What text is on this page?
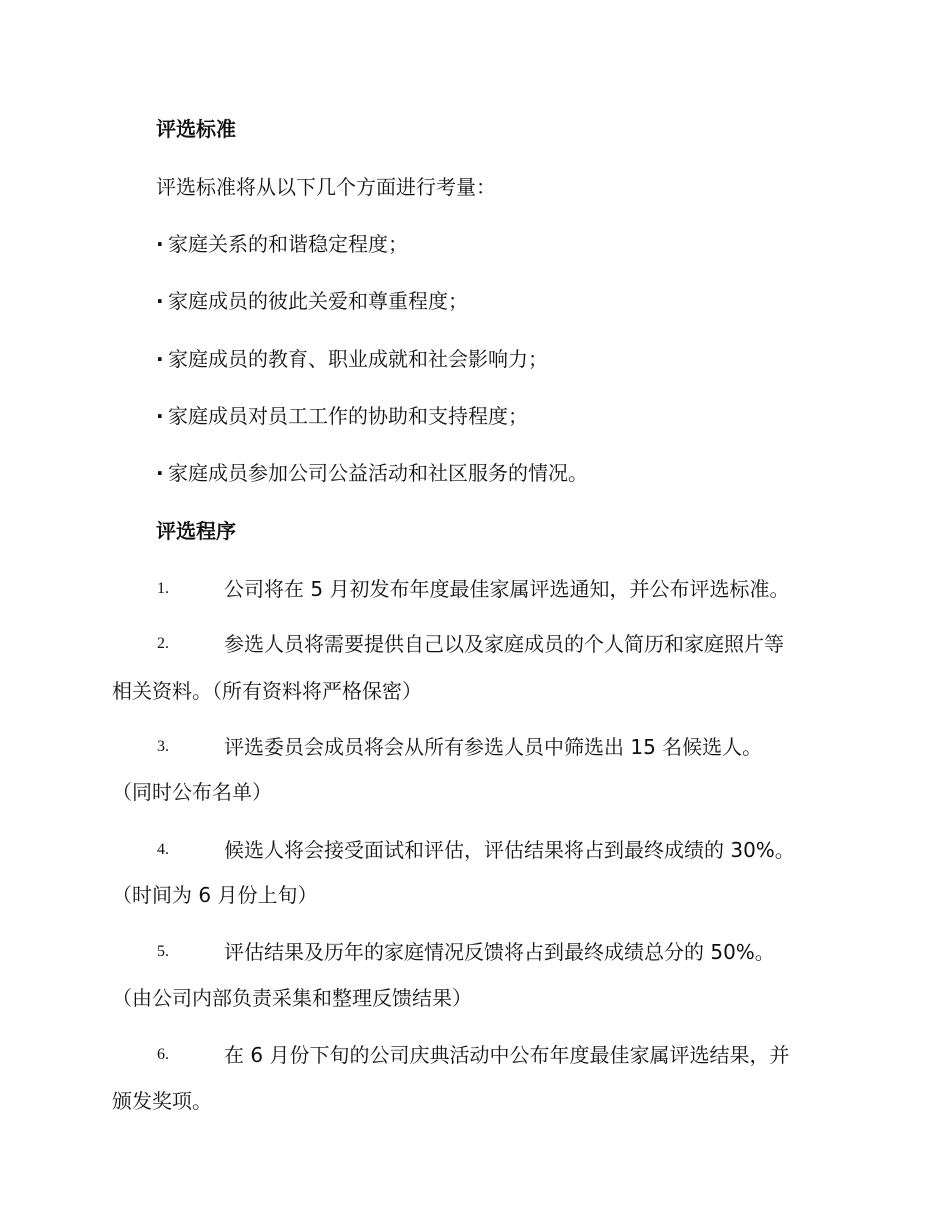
评选标准
评选标准将从以下几个方面进行考量：
· 家庭关系的和谐稳定程度；
· 家庭成员的彼此关爱和尊重程度；
· 家庭成员的教育、职业成就和社会影响力；
· 家庭成员对员工工作的协助和支持程度；
· 家庭成员参加公司公益活动和社区服务的情况。
评选程序
1.	公司将在 5 月初发布年度最佳家属评选通知，并公布评选标准。
2.	参选人员将需要提供自己以及家庭成员的个人简历和家庭照片等
相关资料。（所有资料将严格保密）
3.	评选委员会成员将会从所有参选人员中筛选出 15 名候选人。
（同时公布名单）
4.	候选人将会接受面试和评估，评估结果将占到最终成绩的 30%。
（时间为 6 月份上旬）
5.	评估结果及历年的家庭情况反馈将占到最终成绩总分的 50%。
（由公司内部负责采集和整理反馈结果）
6.	在 6 月份下旬的公司庆典活动中公布年度最佳家属评选结果，并
颁发奖项。
